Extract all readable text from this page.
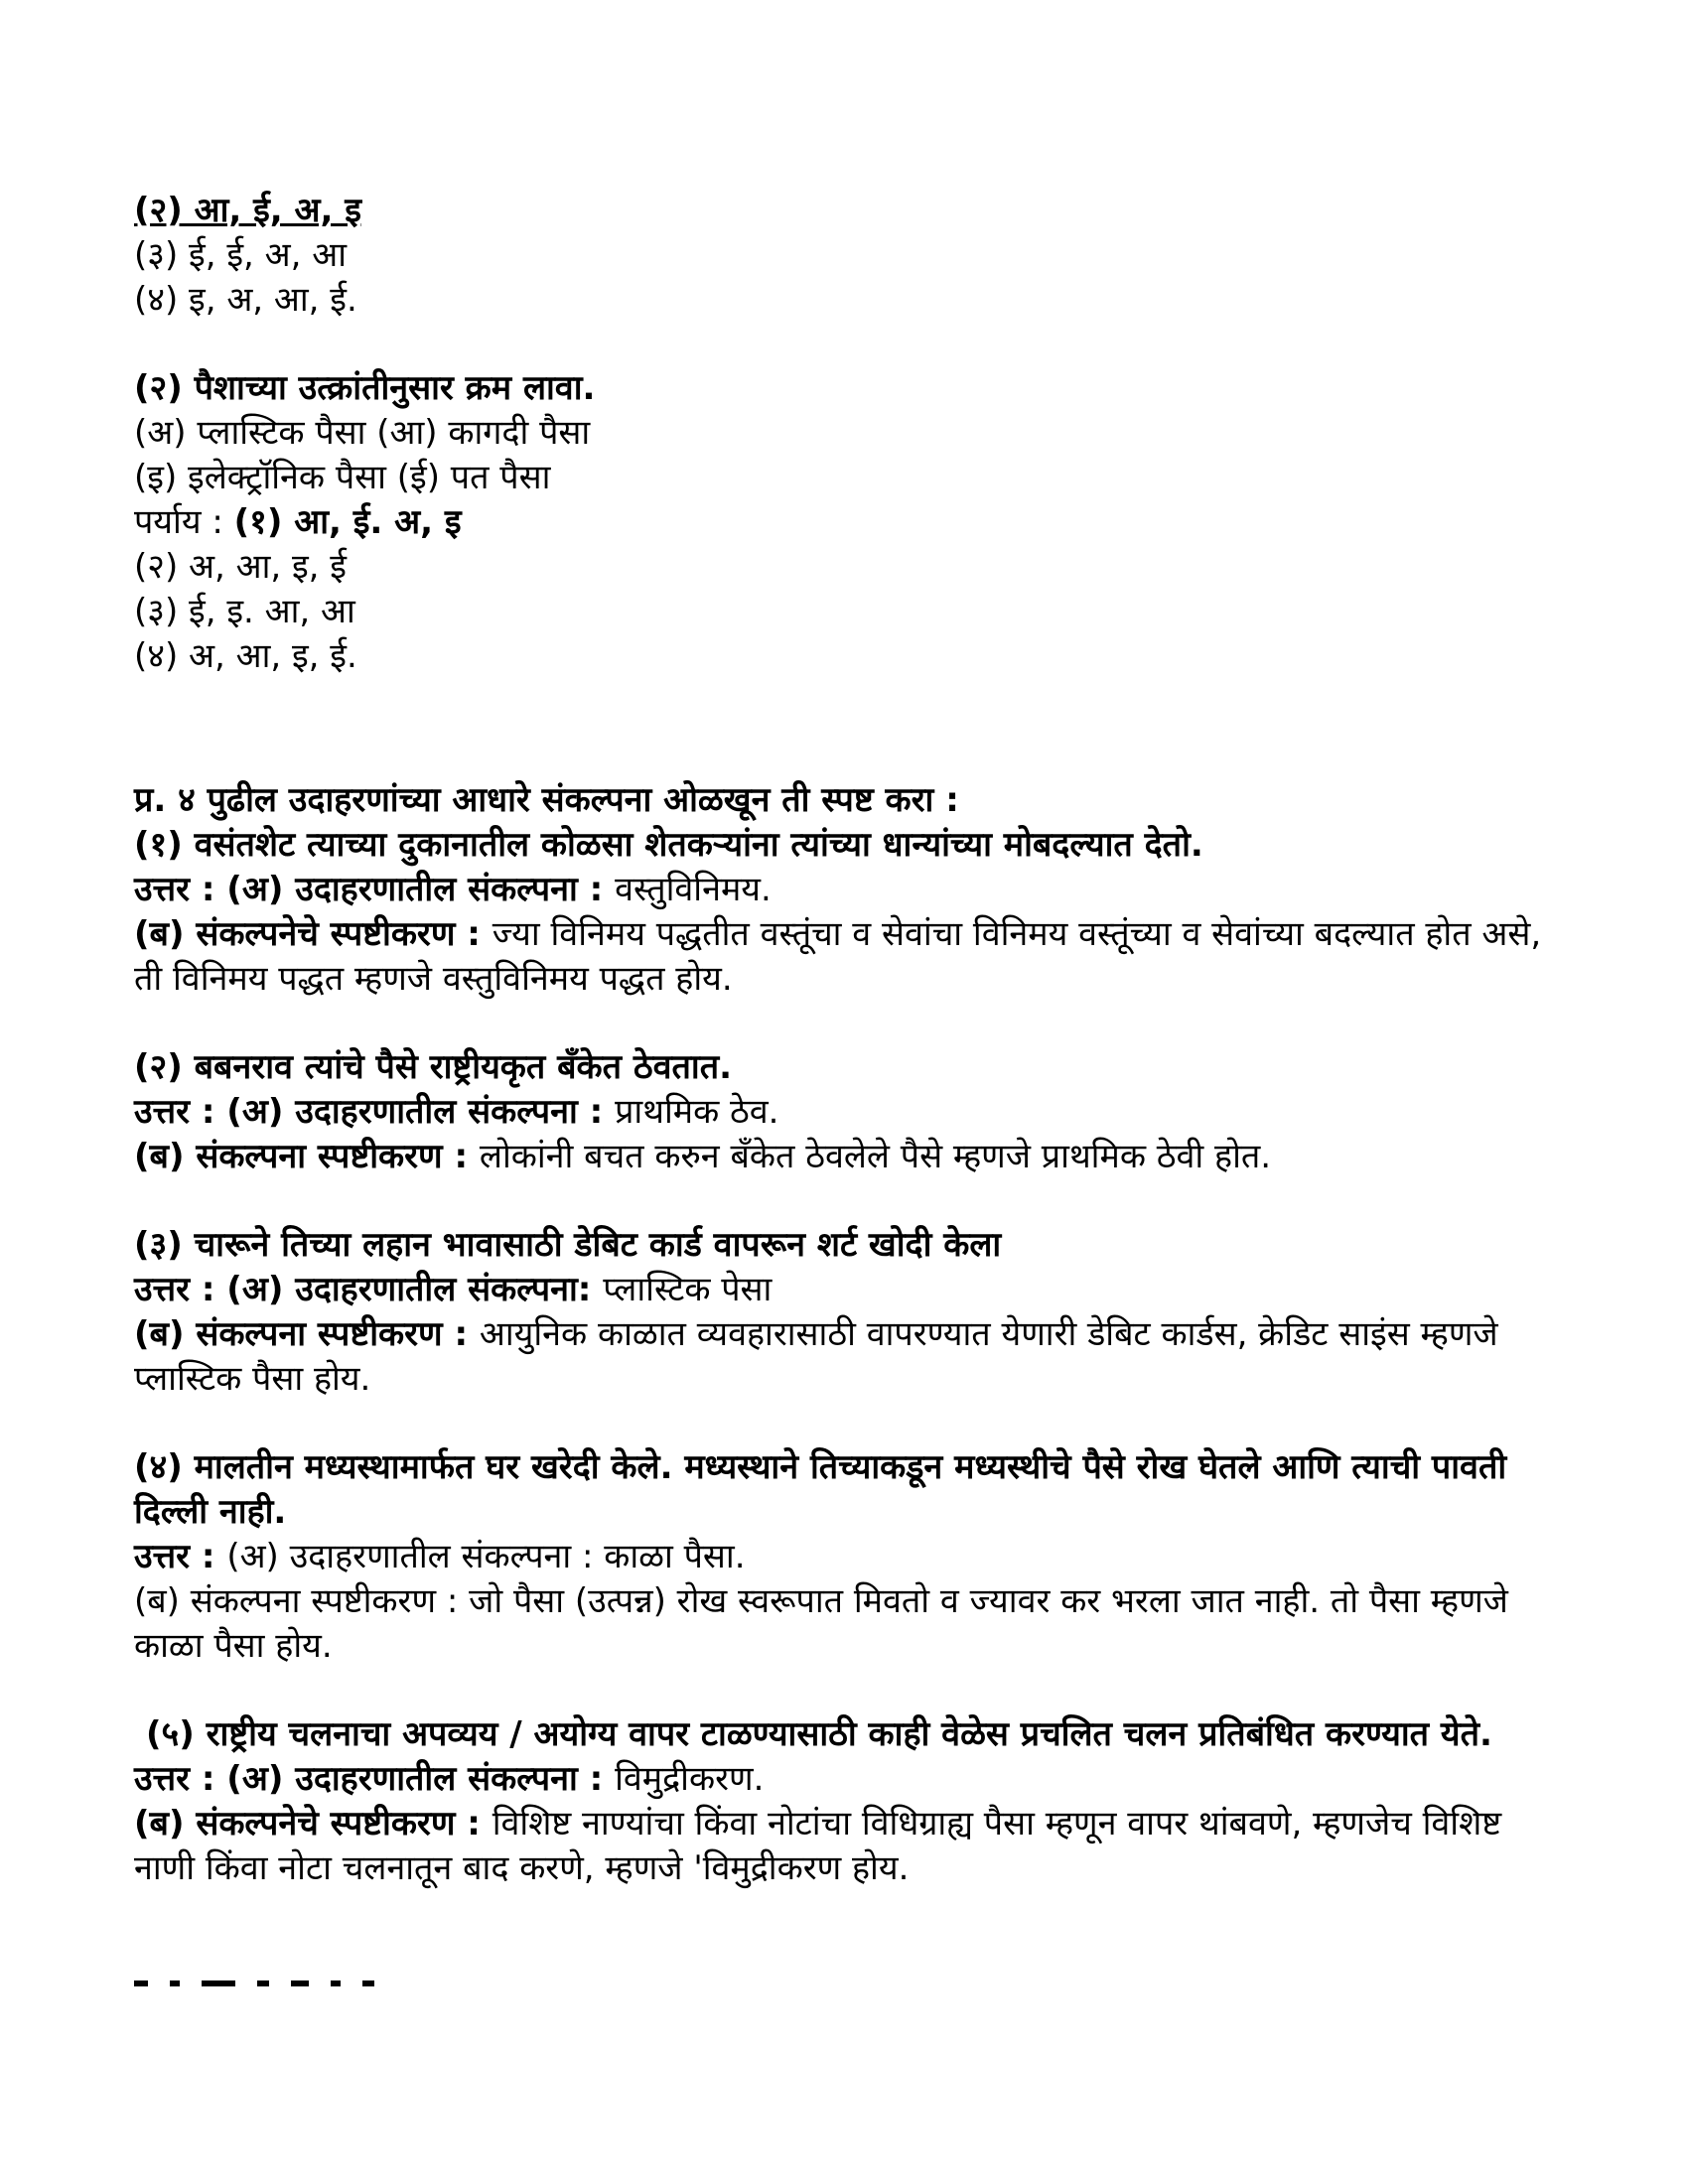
(२) आ, ई, अ, इ

(३) ई, ई, अ, आ

(४) इ, अ, आ, ई.

(२) पैशाच्या उत्क्रांतीनुसार क्रम लावा.

(अ) प्लास्टिक पैसा (आ) कागदी पैसा

(इ) इलेक्ट्रॉनिक पैसा (ई) पत पैसा

पर्याय : (१) आ, ई. अ, इ

(२) अ, आ, इ, ई

(३) ई, इ. आ, आ

(४) अ, आ, इ, ई.

प्र. ४ पुढील उदाहरणांच्या आधारे संकल्पना ओळखून ती स्पष्ट करा :

(१) वसंतशेट त्याच्या दुकानातील कोळसा शेतकऱ्यांना त्यांच्या धान्यांच्या मोबदल्यात देतो.

उत्तर : (अ) उदाहरणातील संकल्पना : वस्तुविनिमय.

(ब) संकल्पनेचे स्पष्टीकरण : ज्या विनिमय पद्धतीत वस्तूंचा व सेवांचा विनिमय वस्तूंच्या व सेवांच्या बदल्यात होत असे, ती विनिमय पद्धत म्हणजे वस्तुविनिमय पद्धत होय.

(२) बबनराव त्यांचे पैसे राष्ट्रीयकृत बँकेत ठेवतात.

उत्तर : (अ) उदाहरणातील संकल्पना : प्राथमिक ठेव.

(ब) संकल्पना स्पष्टीकरण : लोकांनी बचत करुन बँकेत ठेवलेले पैसे म्हणजे प्राथमिक ठेवी होत.

(३) चारूने तिच्या लहान भावासाठी डेबिट कार्ड वापरून शर्ट खोदी केला

उत्तर : (अ) उदाहरणातील संकल्पना: प्लास्टिक पेसा

(ब) संकल्पना स्पष्टीकरण : आयुनिक काळात व्यवहारासाठी वापरण्यात येणारी डेबिट कार्डस, क्रेडिट साइंस म्हणजे प्लास्टिक पैसा होय.

(४) मालतीन मध्यस्थामार्फत घर खरेदी केले. मध्यस्थाने तिच्याकडून मध्यस्थीचे पैसे रोख घेतले आणि त्याची पावती दिल्ली नाही.

उत्तर : (अ) उदाहरणातील संकल्पना : काळा पैसा.

(ब) संकल्पना स्पष्टीकरण : जो पैसा (उत्पन्न) रोख स्वरूपात मिवतो व ज्यावर कर भरला जात नाही. तो पैसा म्हणजे काळा पैसा होय.

(५) राष्ट्रीय चलनाचा अपव्यय / अयोग्य वापर टाळण्यासाठी काही वेळेस प्रचलित चलन प्रतिबंधित करण्यात येते.

उत्तर : (अ) उदाहरणातील संकल्पना : विमुद्रीकरण.

(ब) संकल्पनेचे स्पष्टीकरण : विशिष्ट नाण्यांचा किंवा नोटांचा विधिग्राह्य पैसा म्हणून वापर थांबवणे, म्हणजेच विशिष्ट नाणी किंवा नोटा चलनातून बाद करणे, म्हणजे 'विमुद्रीकरण होय.
